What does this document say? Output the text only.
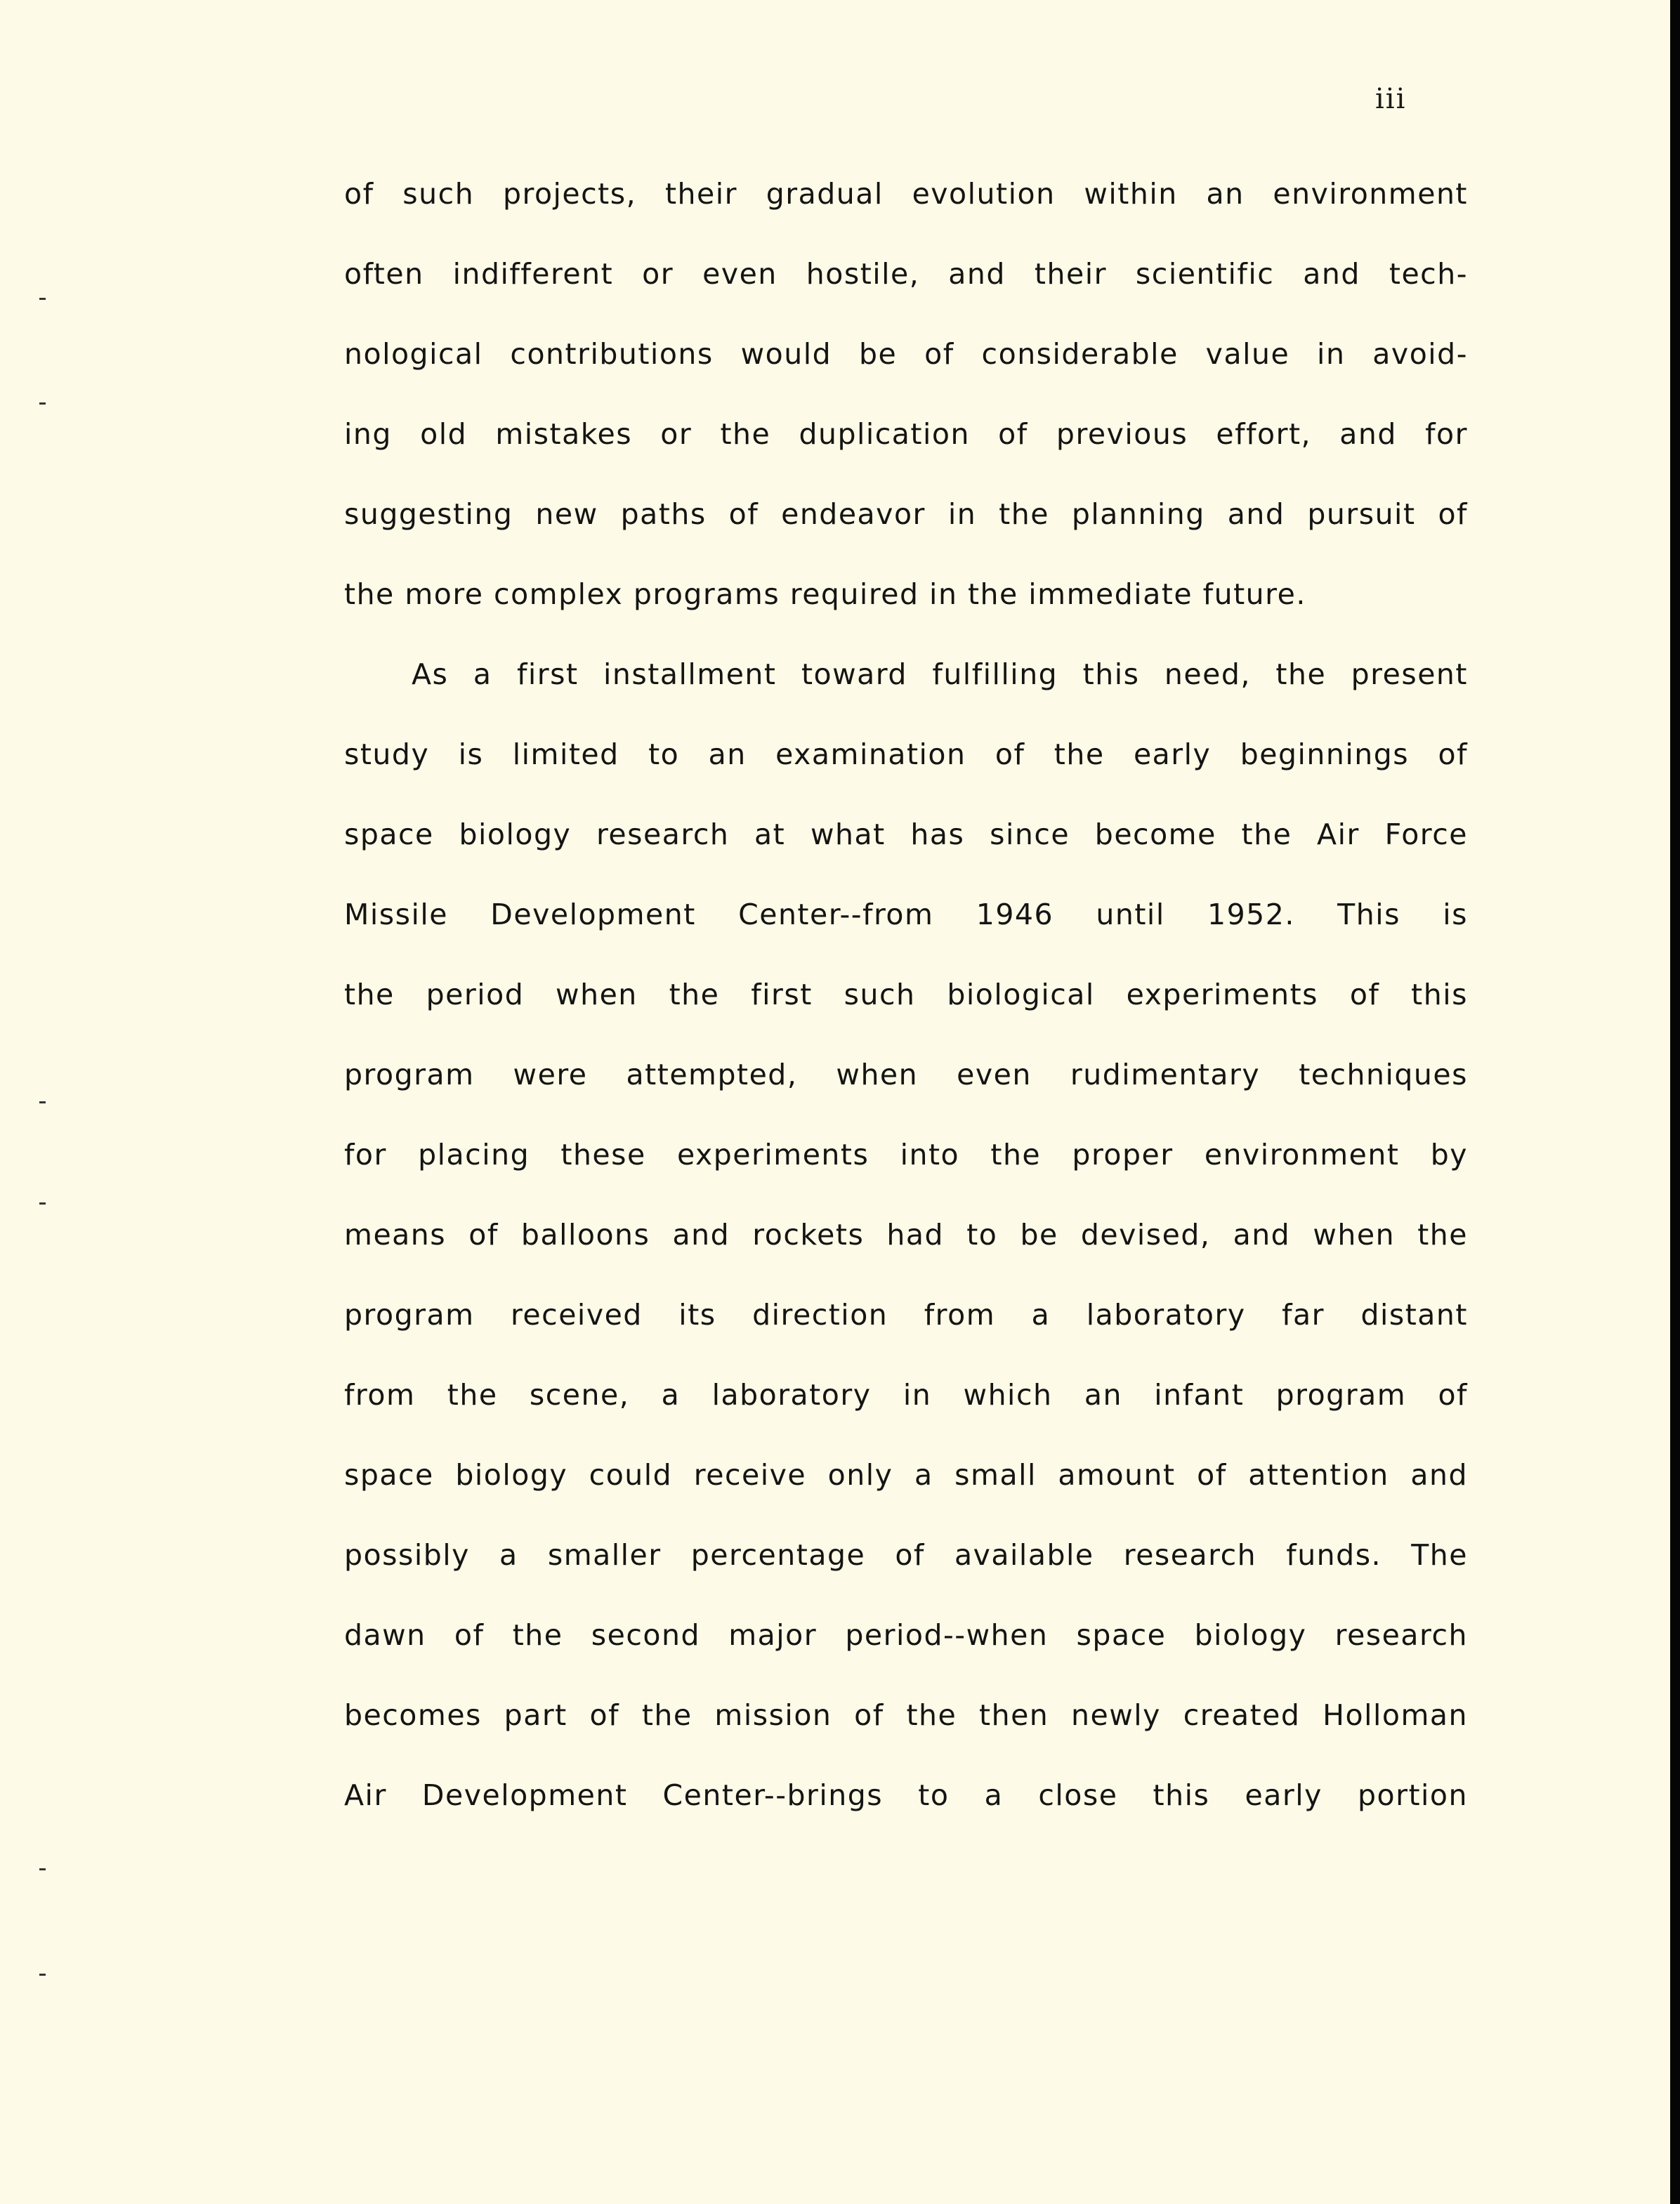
iii
of such projects, their gradual evolution within an environment
often indifferent or even hostile, and their scientific and tech-
nological contributions would be of considerable value in avoid-
ing old mistakes or the duplication of previous effort, and for
suggesting new paths of endeavor in the planning and pursuit of
the more complex programs required in the immediate future.
As a first installment toward fulfilling this need, the present
study is limited to an examination of the early beginnings of
space biology research at what has since become the Air Force
Missile Development Center--from 1946 until 1952. This is
the period when the first such biological experiments of this
program were attempted, when even rudimentary techniques
for placing these experiments into the proper environment by
means of balloons and rockets had to be devised, and when the
program received its direction from a laboratory far distant
from the scene, a laboratory in which an infant program of
space biology could receive only a small amount of attention and
possibly a smaller percentage of available research funds. The
dawn of the second major period--when space biology research
becomes part of the mission of the then newly created Holloman
Air Development Center--brings to a close this early portion
